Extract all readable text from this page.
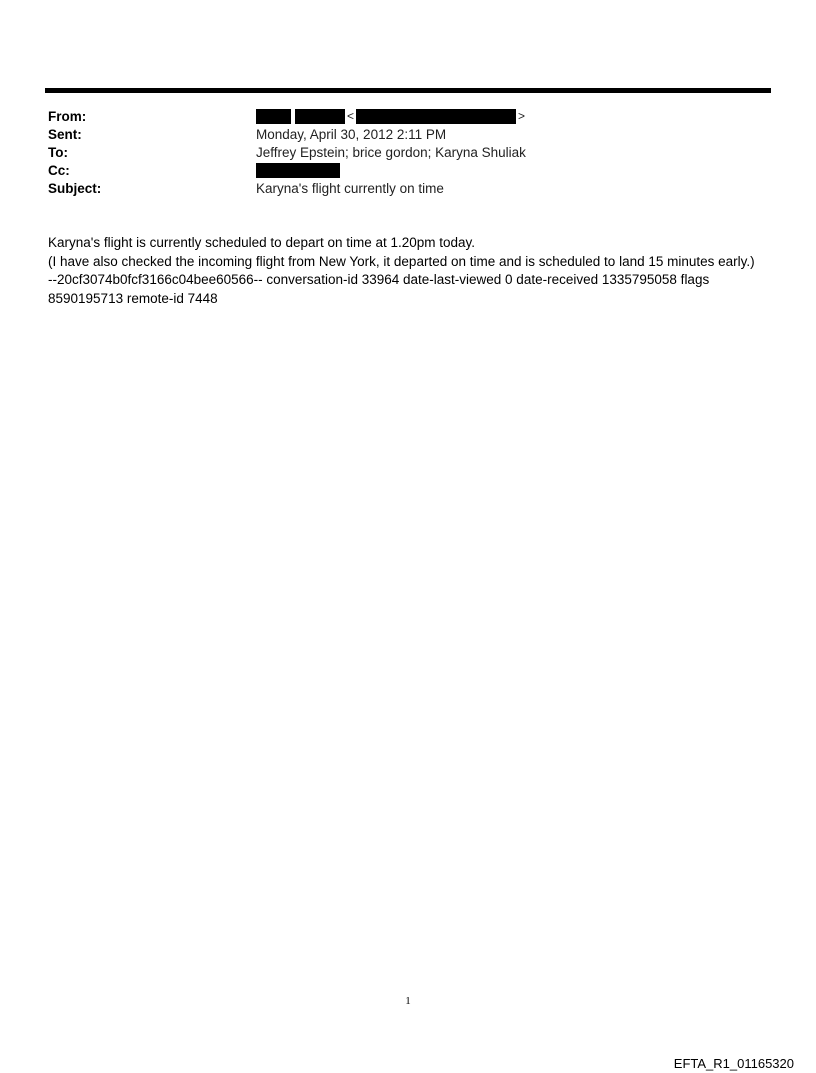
From:	<	>
Sent:	Monday, April 30, 2012 2:11 PM
To:	Jeffrey Epstein; brice gordon; Karyna Shuliak
Cc:
Subject:	Karyna's flight currently on time

Karyna's flight is currently scheduled to depart on time at 1.20pm today.

(I have also checked the incoming flight from New York, it departed on time and is scheduled to land 15 minutes early.)

--20cf3074b0fcf3166c04bee60566-- conversation-id 33964 date-last-viewed 0 date-received 1335795058 flags

8590195713 remote-id 7448

1
EFTA_R1_01165320
